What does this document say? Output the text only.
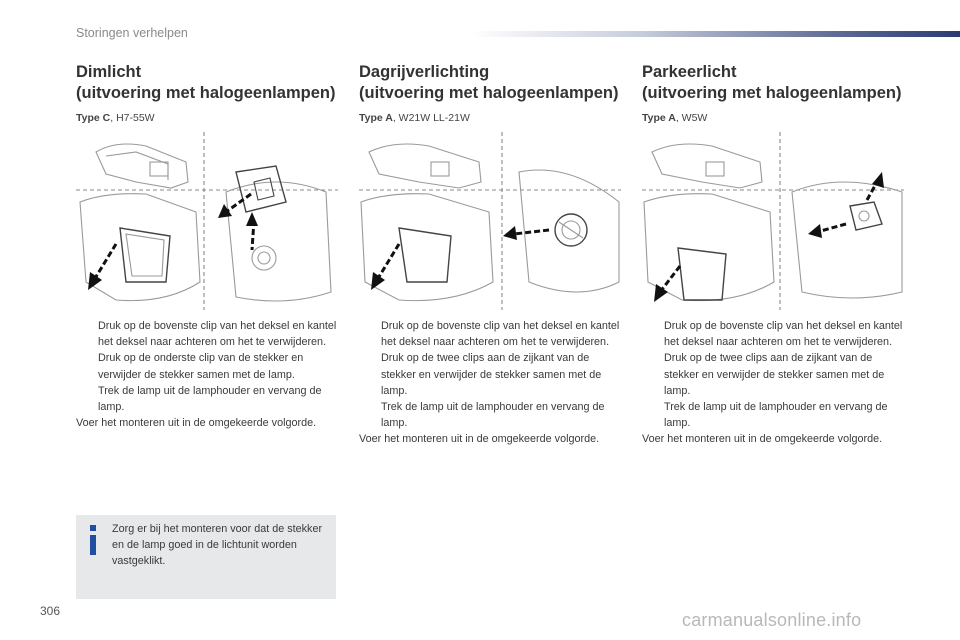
Storingen verhelpen
Dimlicht
(uitvoering met halogeenlampen)
Type C, H7-55W
Dagrijverlichting
(uitvoering met halogeenlampen)
Type A, W21W LL-21W
Parkeerlicht
(uitvoering met halogeenlampen)
Type A, W5W
Druk op de bovenste clip van het deksel en kantel het deksel naar achteren om het te verwijderen.
Druk op de onderste clip van de stekker en verwijder de stekker samen met de lamp.
Trek de lamp uit de lamphouder en vervang de lamp.
Voer het monteren uit in de omgekeerde volgorde.
Druk op de bovenste clip van het deksel en kantel het deksel naar achteren om het te verwijderen.
Druk op de twee clips aan de zijkant van de stekker en verwijder de stekker samen met de lamp.
Trek de lamp uit de lamphouder en vervang de lamp.
Voer het monteren uit in de omgekeerde volgorde.
Druk op de bovenste clip van het deksel en kantel het deksel naar achteren om het te verwijderen.
Druk op de twee clips aan de zijkant van de stekker en verwijder de stekker samen met de lamp.
Trek de lamp uit de lamphouder en vervang de lamp.
Voer het monteren uit in de omgekeerde volgorde.
Zorg er bij het monteren voor dat de stekker en de lamp goed in de lichtunit worden vastgeklikt.
306	carmanualsonline.info
